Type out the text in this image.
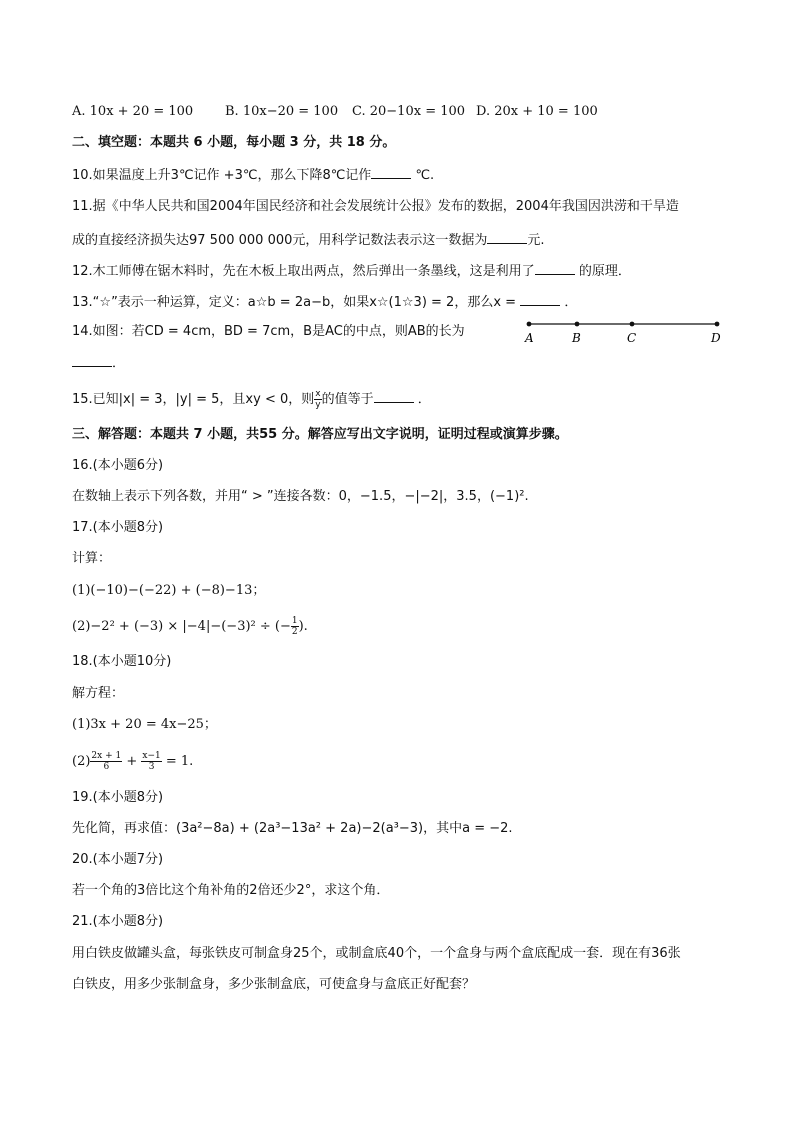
A. 10x + 20 = 100 B. 10x−20 = 100 C. 20−10x = 100 D. 20x + 10 = 100
二、填空题：本题共 6 小题，每小题 3 分，共 18 分。
10.如果温度上升3℃记作 +3℃，那么下降8℃记作	℃.
11.据《中华人民共和国2004年国民经济和社会发展统计公报》发布的数据，2004年我国因洪涝和干旱造
成的直接经济损失达97 500 000 000元，用科学记数法表示这一数据为	元.
12.木工师傅在锯木料时，先在木板上取出两点，然后弹出一条墨线，这是利用了	的原理．
13.“☆”表示一种运算，定义：a☆b = 2a−b，如果x☆(1☆3) = 2，那么x =	．
14.如图：若CD = 4cm，BD = 7cm，B是AC的中点，则AB的长为
．
A	B	C	D
15.已知|x| = 3，|y| = 5，且xy < 0，则 $\frac{x}{y}$ 的值等于	．
三、解答题：本题共 7 小题，共55 分。解答应写出文字说明，证明过程或演算步骤。
16.(本小题6分)
在数轴上表示下列各数，并用“ > ”连接各数：0，−1.5，−|−2|，3.5，(−1)².
17.(本小题8分)
计算：
(1)(−10)−(−22) + (−8)−13；
(2)−2² + (−3) × |−4|−(−3)² ÷ (− $\frac{1}{2}$ ).
18.(本小题10分)
解方程：
(1)3x + 20 = 4x−25；
$(2) \frac{2x + 1}{6} + \frac{x-1}{3} = 1$.
19.(本小题8分)
先化简，再求值：(3a²−8a) + (2a³−13a² + 2a)−2(a³−3)，其中a = −2.
20.(本小题7分)
若一个角的3倍比这个角补角的2倍还少2°，求这个角．
21.(本小题8分)
用白铁皮做罐头盒，每张铁皮可制盒身25个，或制盒底40个，一个盒身与两个盒底配成一套．现在有36张
白铁皮，用多少张制盒身，多少张制盒底，可使盒身与盒底正好配套？
